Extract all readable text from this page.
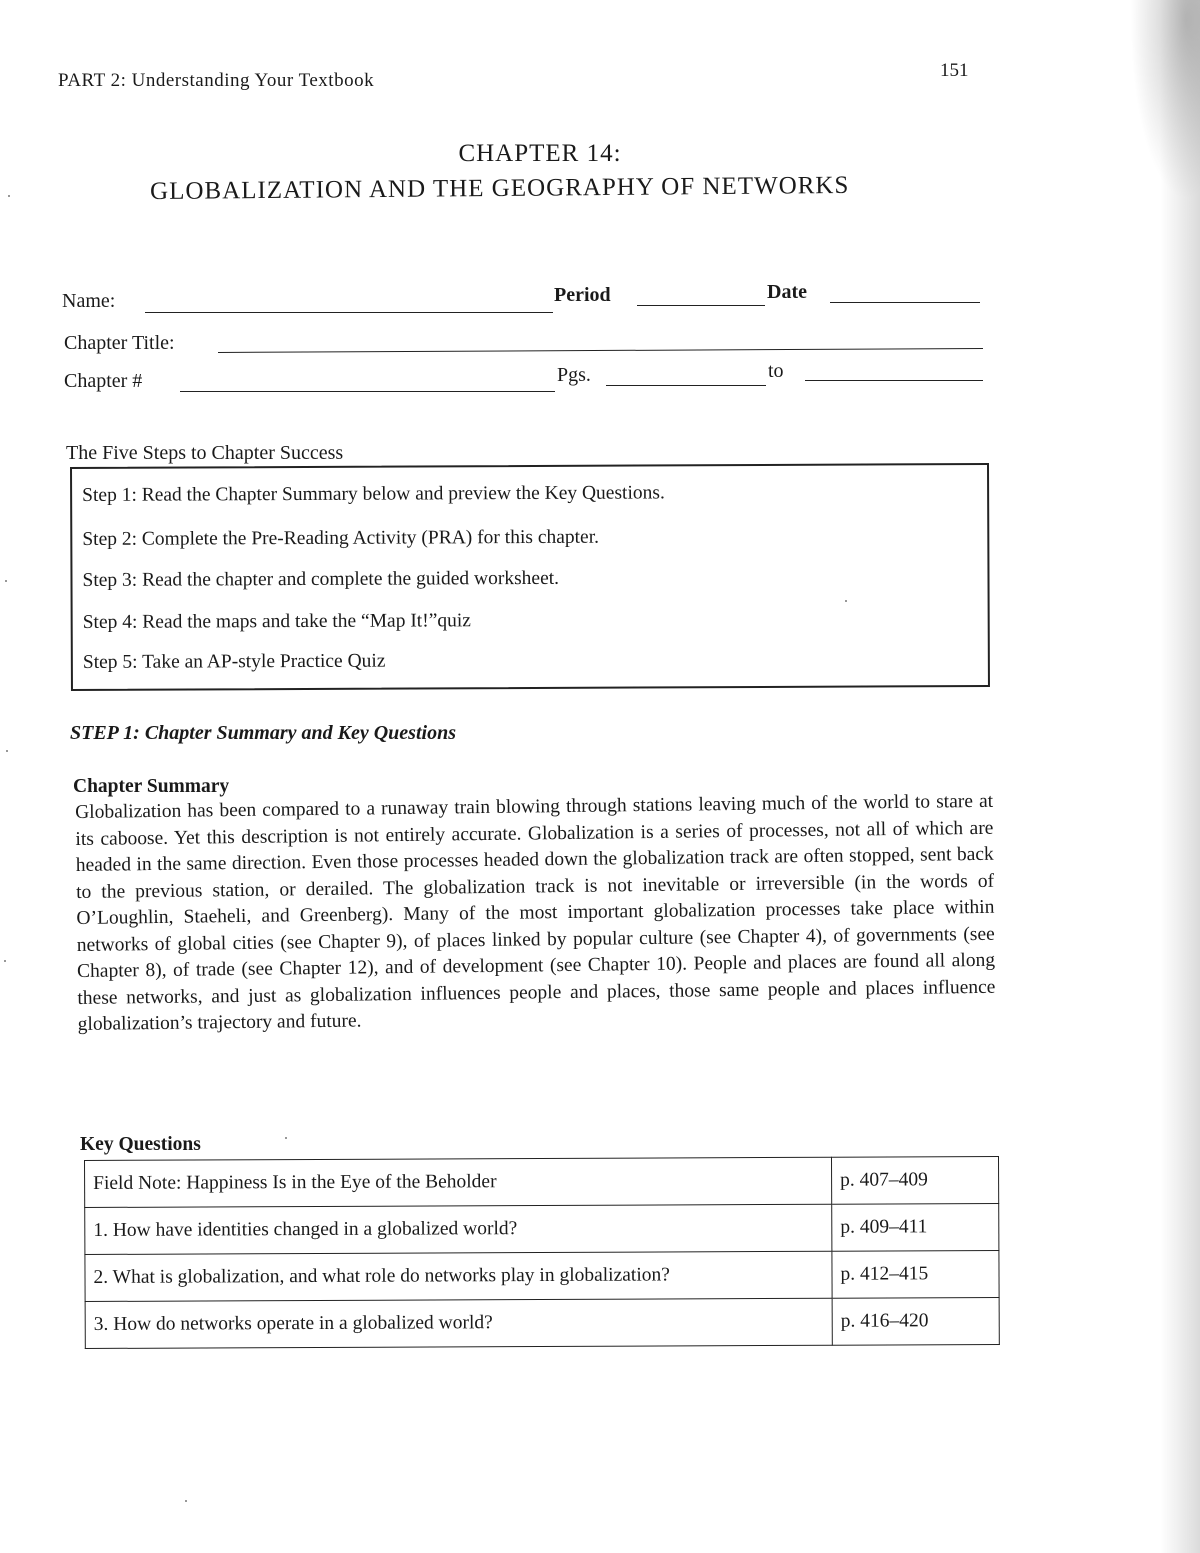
PART 2: Understanding Your Textbook	151
CHAPTER 14:
GLOBALIZATION AND THE GEOGRAPHY OF NETWORKS
Name:	Period	Date
Chapter Title:
Chapter #	Pgs.	to
The Five Steps to Chapter Success
Step 1: Read the Chapter Summary below and preview the Key Questions.
Step 2: Complete the Pre-Reading Activity (PRA) for this chapter.
Step 3: Read the chapter and complete the guided worksheet.
Step 4: Read the maps and take the “Map It!”quiz
Step 5: Take an AP-style Practice Quiz
STEP 1: Chapter Summary and Key Questions
Chapter Summary
Globalization has been compared to a runaway train blowing through stations leaving much of the world to stare at its caboose. Yet this description is not entirely accurate. Globalization is a series of processes, not all of which are headed in the same direction. Even those processes headed down the globalization track are often stopped, sent back to the previous station, or derailed. The globalization track is not inevitable or irreversible (in the words of O’Loughlin, Staeheli, and Greenberg). Many of the most important globalization processes take place within networks of global cities (see Chapter 9), of places linked by popular culture (see Chapter 4), of governments (see Chapter 8), of trade (see Chapter 12), and of development (see Chapter 10). People and places are found all along these networks, and just as globalization influences people and places, those same people and places influence globalization’s trajectory and future.
Key Questions
Field Note: Happiness Is in the Eye of the Beholder	p. 407–409
1. How have identities changed in a globalized world?	p. 409–411
2. What is globalization, and what role do networks play in globalization?	p. 412–415
3. How do networks operate in a globalized world?	p. 416–420
